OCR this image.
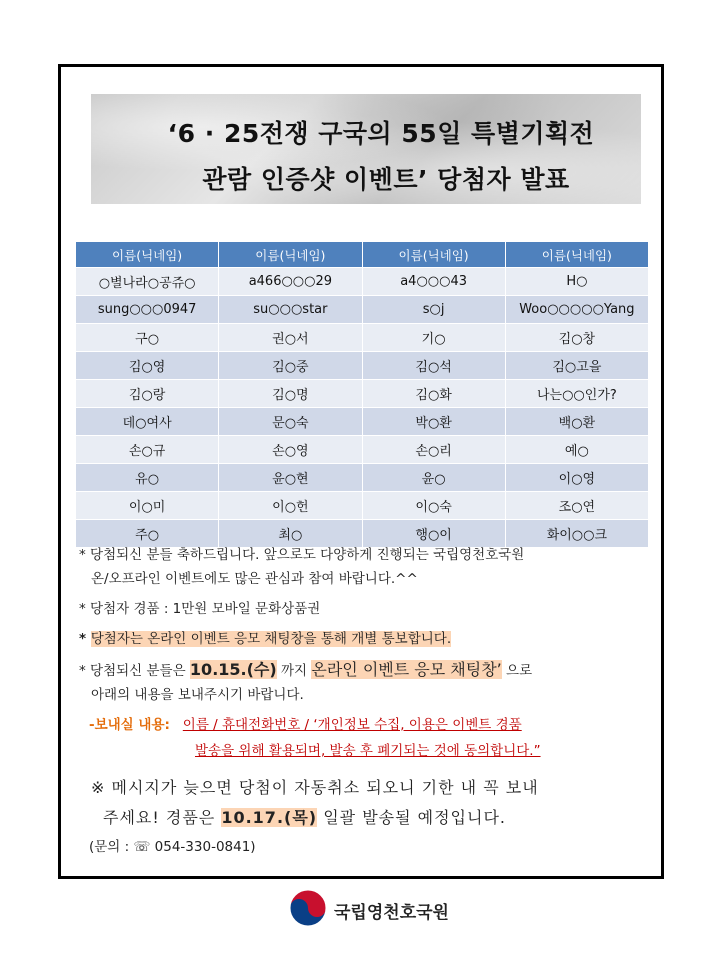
‘6 · 25전쟁 구국의 55일 특별기획전
관람 인증샷 이벤트’ 당첨자 발표
이름(닉네임)	이름(닉네임)	이름(닉네임)	이름(닉네임)
○별나라○공쥬○	a466○○○29	a4○○○43	H○
sung○○○0947	su○○○star	s○j	Woo○○○○○Yang
구○	권○서	기○	김○창
김○영	김○중	김○석	김○고을
김○랑	김○명	김○화	나는○○인가?
데○여사	문○숙	박○환	백○환
손○규	손○영	손○리	예○
유○	윤○현	윤○	이○영
이○미	이○헌	이○숙	조○연
주○	최○	행○이	화이○○크
* 당첨되신 분들 축하드립니다. 앞으로도 다양하게 진행되는 국립영천호국원
온/오프라인 이벤트에도 많은 관심과 참여 바랍니다.^^
* 당첨자 경품 : 1만원 모바일 문화상품권
* 당첨자는 온라인 이벤트 응모 채팅창을 통해 개별 통보합니다.
* 당첨되신 분들은 10.15.(수) 까지 온라인 이벤트 응모 채팅창’ 으로
아래의 내용을 보내주시기 바랍니다.
-보내실 내용: 이름 / 휴대전화번호 / ‘개인정보 수집, 이용은 이벤트 경품
발송을 위해 활용되며, 발송 후 폐기되는 것에 동의합니다.”
※ 메시지가 늦으면 당첨이 자동취소 되오니 기한 내 꼭 보내
주세요! 경품은 10.17.(목) 일괄 발송될 예정입니다.
(문의 : ☏ 054-330-0841)
국립영천호국원
